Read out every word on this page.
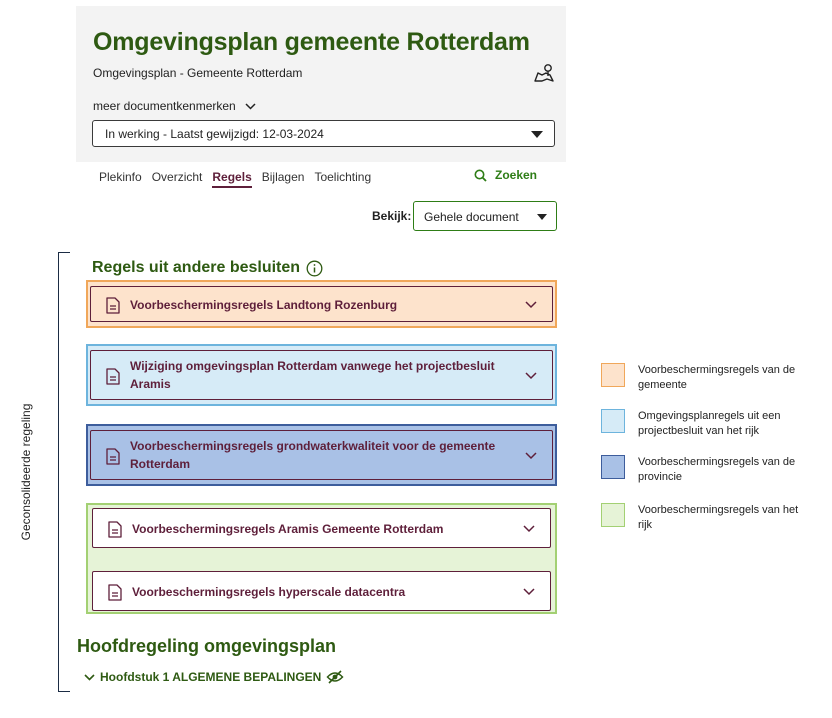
Omgevingsplan gemeente Rotterdam
Omgevingsplan - Gemeente Rotterdam
meer documentkenmerken
In werking - Laatst gewijzigd: 12-03-2024
Plekinfo Overzicht Regels Bijlagen Toelichting	Zoeken
Bekijk:	Gehele document
Geconsolideerde regeling
Regels uit andere besluiten
Voorbeschermingsregels Landtong Rozenburg
Wijziging omgevingsplan Rotterdam vanwege het projectbesluit Aramis
Voorbeschermingsregels grondwaterkwaliteit voor de gemeente Rotterdam
Voorbeschermingsregels Aramis Gemeente Rotterdam
Voorbeschermingsregels hyperscale datacentra
Voorbeschermingsregels van de gemeente
Omgevingsplanregels uit een projectbesluit van het rijk
Voorbeschermingsregels van de provincie
Voorbeschermingsregels van het rijk
Hoofdregeling omgevingsplan
Hoofdstuk 1 ALGEMENE BEPALINGEN
